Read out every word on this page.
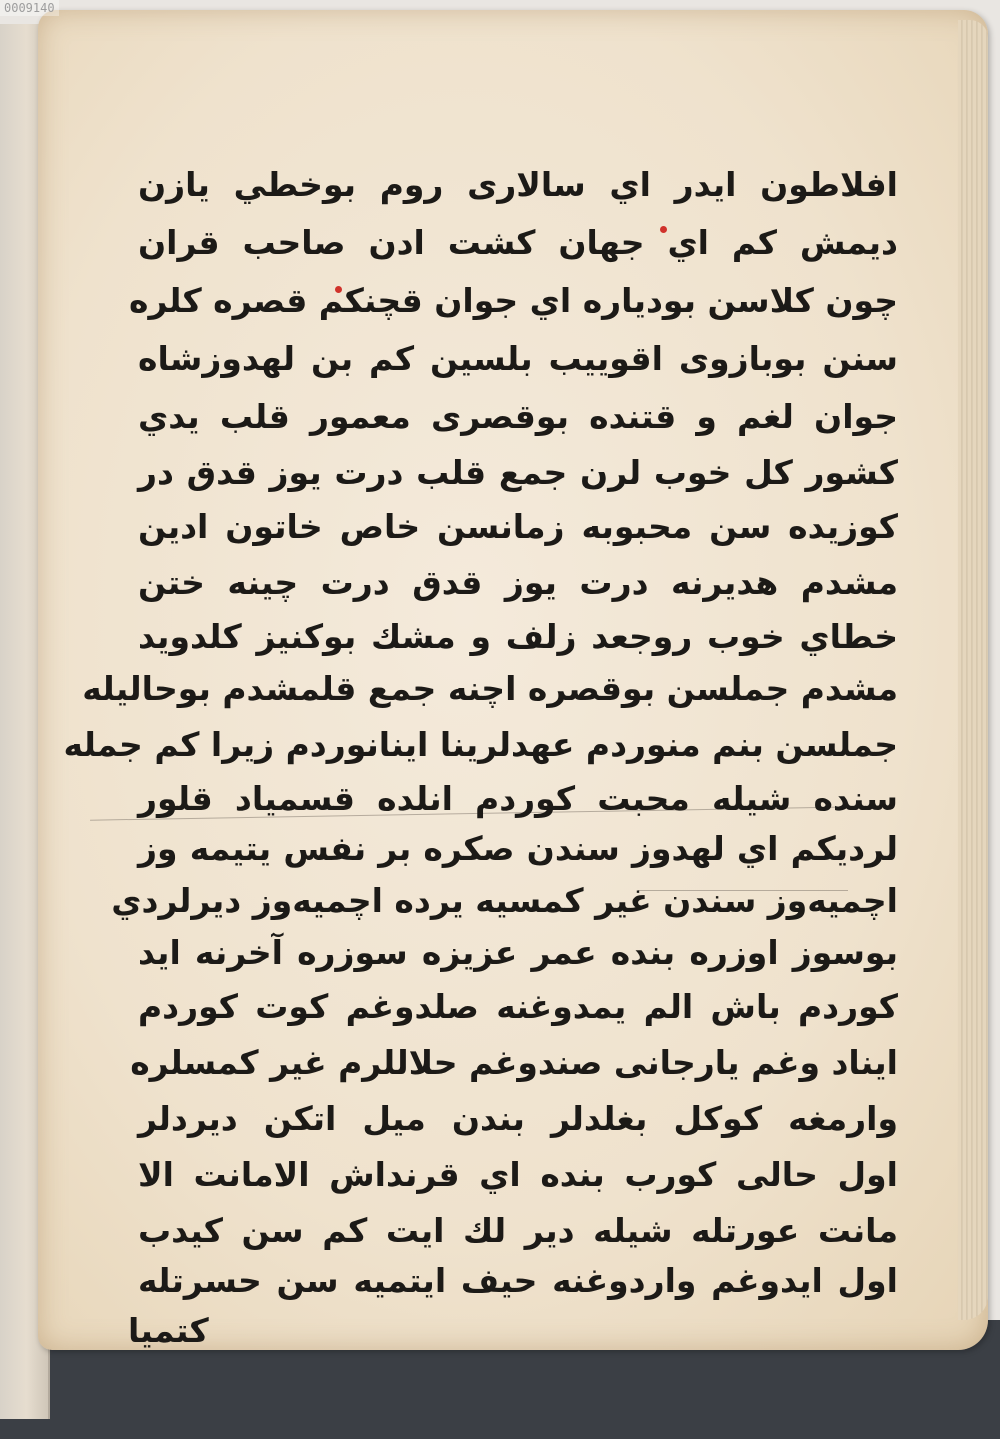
0009140
افلاطون ايدر اي سالارى روم بوخطي يازن
ديمش كم اي جهان كشت ادن صاحب قران
چون كلاسن بوديارە اي جوان قچنكم قصرە كلرە
سنن بوبازوى اقوييب بلسين كم بن لهدوزشاه
جوان لغم و قتندە بوقصرى معمور قلب يدي
كشور كل خوب لرن جمع قلب درت يوز قدق در
كوزيدە سن محبوبە زمانسن خاص خاتون ادين
مشدم هديرنە درت يوز قدق درت چينە ختن
خطاي خوب روجعد زلف و مشك بوكنيز كلدويد
مشدم جملسن بوقصرە اچنە جمع قلمشدم بوحاليلە
جملسن بنم منوردم عهدلرينا اينانوردم زيرا كم جملە
سندە شيلە محبت كوردم انلدە قسمياد قلور
لرديكم اي لهدوز سندن صكرە بر نفس يتيمە وز
اچميەوز سندن غير كمسيە يردە اچميەوز ديرلردي
بوسوز اوزرە بندە عمر عزيزە سوزرە آخرنە ايد
كوردم باش الم يمدوغنە صلدوغم كوت كوردم
ايناد وغم يارجانى صندوغم حلاللرم غير كمسلرە
وارمغە كوكل بغلدلر بندن ميل اتكن ديردلر
اول حالى كورب بندە اي قرنداش الامانت الا
مانت عورتلە شيلە دير لك ايت كم سن كيدب
اول ايدوغم واردوغنە حيف ايتميە سن حسرتلە
كتميا
